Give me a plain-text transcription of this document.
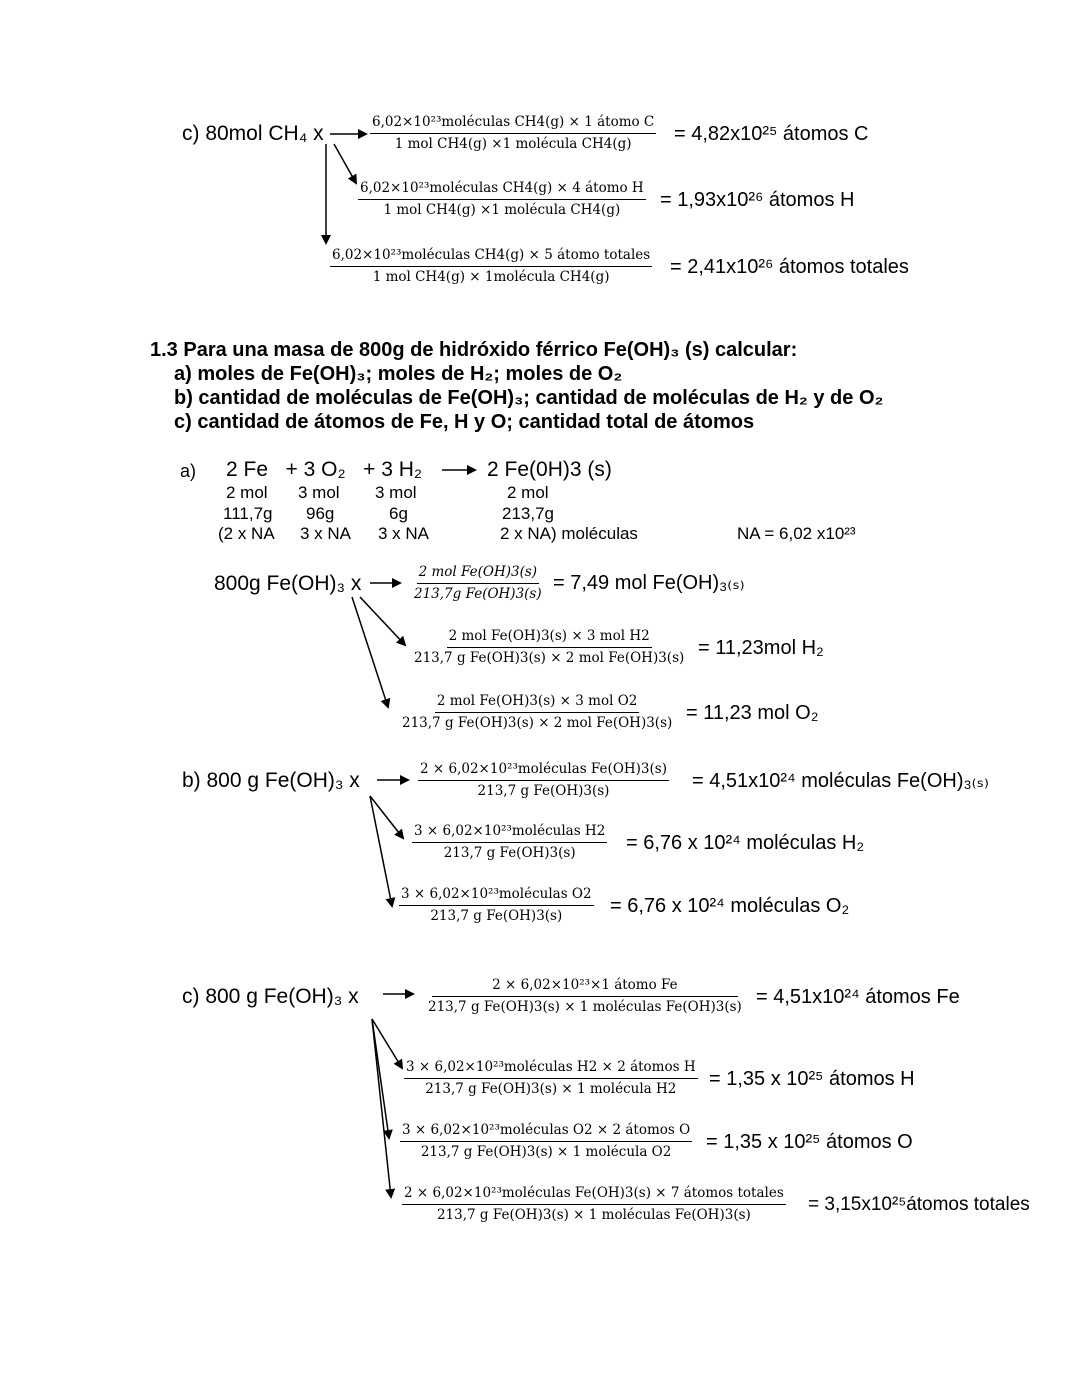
c) 80mol CH₄ x	6,02×10²³moléculas CH4(g) × 1 átomo C
1 mol CH4(g) ×1 molécula CH4(g) = 4,82x10²⁵ átomos C
6,02×10²³moléculas CH4(g) × 4 átomo H
1 mol CH4(g) ×1 molécula CH4(g) = 1,93x10²⁶ átomos H
6,02×10²³moléculas CH4(g) × 5 átomo totales
1 mol CH4(g) × 1molécula CH4(g)	= 2,41x10²⁶ átomos totales
1.3 Para una masa de 800g de hidróxido férrico Fe(OH)₃ (s) calcular:
a) moles de Fe(OH)₃; moles de H₂; moles de O₂
b) cantidad de moléculas de Fe(OH)₃; cantidad de moléculas de H₂ y de O₂
c) cantidad de átomos de Fe, H y O; cantidad total de átomos
a) 2 Fe   + 3 O₂   + 3 H₂	2 Fe(0H)3 (s)
2 mol 3 mol 3 mol	2 mol
111,7g 96g	6g	213,7g
(2 x NA 3 x NA 3 x NA	2 x NA) moléculas	NA = 6,02 x10²³
800g Fe(OH)₃ x	2 mol Fe(OH)3(s)
213,7g Fe(OH)3(s) = 7,49 mol Fe(OH)₃₍ₛ₎
2 mol Fe(OH)3(s) × 3 mol H2
213,7 g Fe(OH)3(s) × 2 mol Fe(OH)3(s) = 11,23mol H₂
2 mol Fe(OH)3(s) × 3 mol O2
213,7 g Fe(OH)3(s) × 2 mol Fe(OH)3(s) = 11,23 mol O₂
b) 800 g Fe(OH)₃ x	2 × 6,02×10²³moléculas Fe(OH)3(s)
213,7 g Fe(OH)3(s)	= 4,51x10²⁴ moléculas Fe(OH)₃₍ₛ₎
3 × 6,02×10²³moléculas H2
213,7 g Fe(OH)3(s)	= 6,76 x 10²⁴ moléculas H₂
3 × 6,02×10²³moléculas O2
213,7 g Fe(OH)3(s) = 6,76 x 10²⁴ moléculas O₂
c) 800 g Fe(OH)₃ x	2 × 6,02×10²³×1 átomo Fe
213,7 g Fe(OH)3(s) × 1 moléculas Fe(OH)3(s) = 4,51x10²⁴ átomos Fe
3 × 6,02×10²³moléculas H2 × 2 átomos H
213,7 g Fe(OH)3(s) × 1 molécula H2 = 1,35 x 10²⁵ átomos H
3 × 6,02×10²³moléculas O2 × 2 átomos O
213,7 g Fe(OH)3(s) × 1 molécula O2 = 1,35 x 10²⁵ átomos O
2 × 6,02×10²³moléculas Fe(OH)3(s) × 7 átomos totales
213,7 g Fe(OH)3(s) × 1 moléculas Fe(OH)3(s)	= 3,15x10²⁵átomos totales
